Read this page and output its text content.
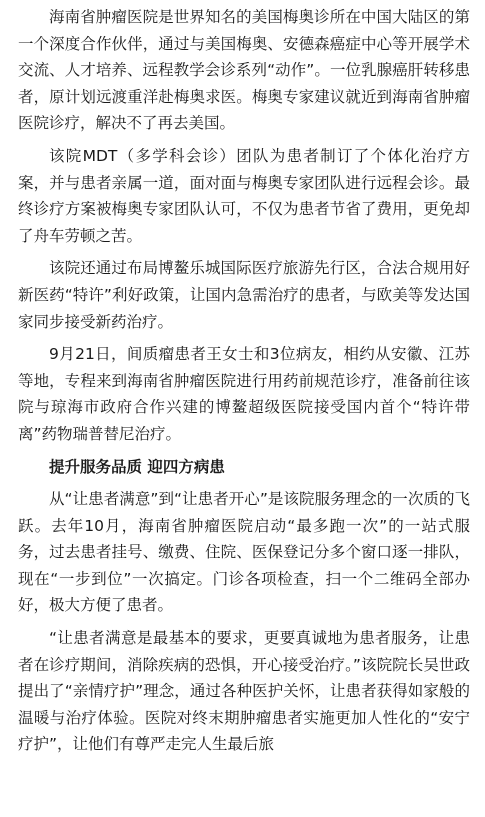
海南省肿瘤医院是世界知名的美国梅奥诊所在中国大陆区的第一个深度合作伙伴，通过与美国梅奥、安德森癌症中心等开展学术交流、人才培养、远程教学会诊系列“动作”。一位乳腺癌肝转移患者，原计划远渡重洋赴梅奥求医。梅奥专家建议就近到海南省肿瘤医院诊疗，解决不了再去美国。

该院MDT（多学科会诊）团队为患者制订了个体化治疗方案，并与患者亲属一道，面对面与梅奥专家团队进行远程会诊。最终诊疗方案被梅奥专家团队认可，不仅为患者节省了费用，更免却了舟车劳顿之苦。

该院还通过布局博鳌乐城国际医疗旅游先行区，合法合规用好新医药“特许”利好政策，让国内急需治疗的患者，与欧美等发达国家同步接受新药治疗。

9月21日，间质瘤患者王女士和3位病友，相约从安徽、江苏等地，专程来到海南省肿瘤医院进行用药前规范诊疗，准备前往该院与琼海市政府合作兴建的博鳌超级医院接受国内首个“特许带离”药物瑞普替尼治疗。

提升服务品质 迎四方病患

从“让患者满意”到“让患者开心”是该院服务理念的一次质的飞跃。去年10月，海南省肿瘤医院启动“最多跑一次”的一站式服务，过去患者挂号、缴费、住院、医保登记分多个窗口逐一排队，现在“一步到位”一次搞定。门诊各项检查，扫一个二维码全部办好，极大方便了患者。

“让患者满意是最基本的要求，更要真诚地为患者服务，让患者在诊疗期间，消除疾病的恐惧，开心接受治疗。”该院院长吴世政提出了“亲情疗护”理念，通过各种医护关怀，让患者获得如家般的温暖与治疗体验。医院对终末期肿瘤患者实施更加人性化的“安宁疗护”，让他们有尊严走完人生最后旅
